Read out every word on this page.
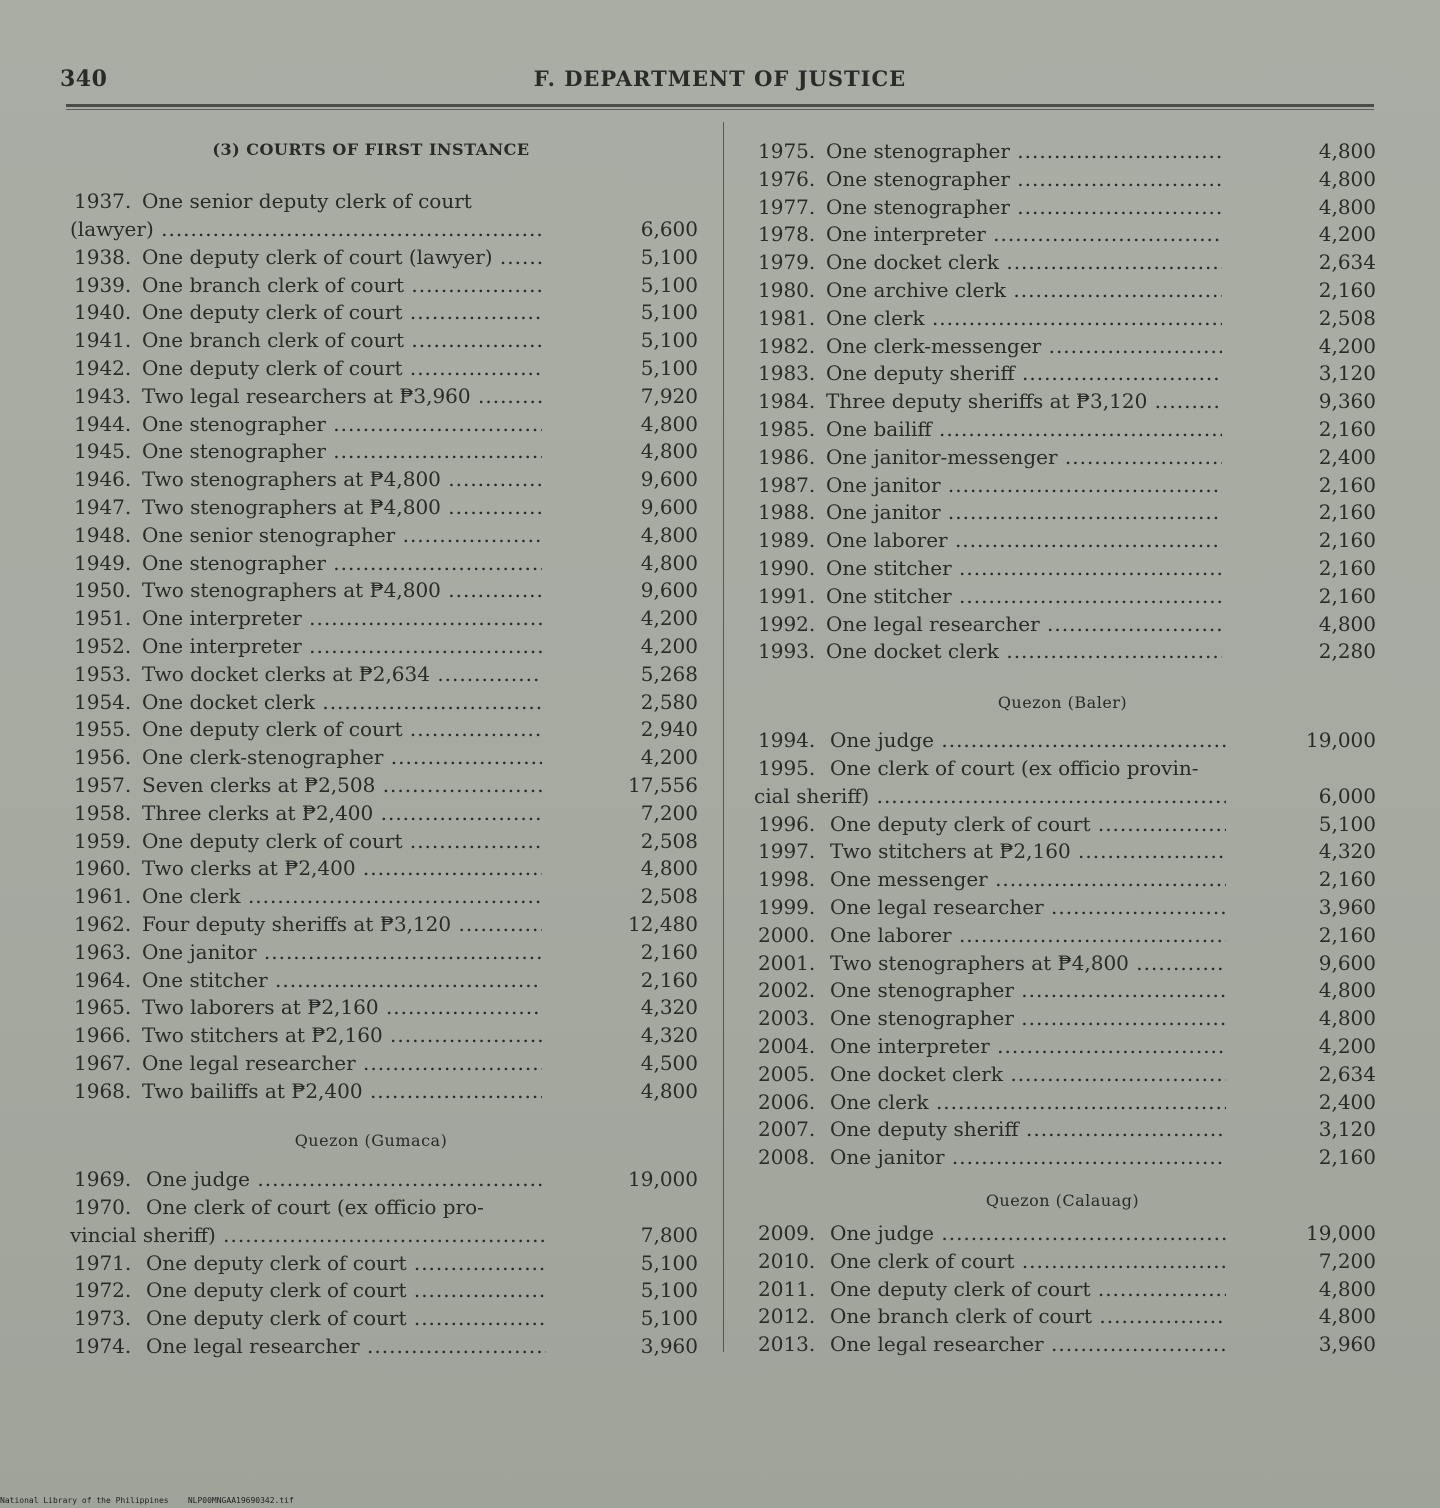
340	F. DEPARTMENT OF JUSTICE
(3) COURTS OF FIRST INSTANCE
1937. One senior deputy clerk of court
(lawyer) .....	6,600
1938. One deputy clerk of court (lawyer) .....	5,100
1939. One branch clerk of court .....	5,100
1940. One deputy clerk of court .....	5,100
1941. One branch clerk of court .....	5,100
1942. One deputy clerk of court .....	5,100
1943. Two legal researchers at ₱3,960 .....	7,920
1944. One stenographer .....	4,800
1945. One stenographer .....	4,800
1946. Two stenographers at ₱4,800 .....	9,600
1947. Two stenographers at ₱4,800 .....	9,600
1948. One senior stenographer .....	4,800
1949. One stenographer .....	4,800
1950. Two stenographers at ₱4,800 .....	9,600
1951. One interpreter .....	4,200
1952. One interpreter .....	4,200
1953. Two docket clerks at ₱2,634 .....	5,268
1954. One docket clerk .....	2,580
1955. One deputy clerk of court .....	2,940
1956. One clerk-stenographer .....	4,200
1957. Seven clerks at ₱2,508 .....	17,556
1958. Three clerks at ₱2,400 .....	7,200
1959. One deputy clerk of court .....	2,508
1960. Two clerks at ₱2,400 .....	4,800
1961. One clerk .....	2,508
1962. Four deputy sheriffs at ₱3,120 .....	12,480
1963. One janitor .....	2,160
1964. One stitcher .....	2,160
1965. Two laborers at ₱2,160 .....	4,320
1966. Two stitchers at ₱2,160 .....	4,320
1967. One legal researcher .....	4,500
1968. Two bailiffs at ₱2,400 .....	4,800
Quezon (Gumaca)
1969. One judge .....	19,000
1970. One clerk of court (ex officio pro-
vincial sheriff) .....	7,800
1971. One deputy clerk of court .....	5,100
1972. One deputy clerk of court .....	5,100
1973. One deputy clerk of court .....	5,100
1974. One legal researcher .....	3,960
1975. One stenographer .....	4,800
1976. One stenographer .....	4,800
1977. One stenographer .....	4,800
1978. One interpreter .....	4,200
1979. One docket clerk .....	2,634
1980. One archive clerk .....	2,160
1981. One clerk .....	2,508
1982. One clerk-messenger .....	4,200
1983. One deputy sheriff .....	3,120
1984. Three deputy sheriffs at ₱3,120 .....	9,360
1985. One bailiff .....	2,160
1986. One janitor-messenger .....	2,400
1987. One janitor .....	2,160
1988. One janitor .....	2,160
1989. One laborer .....	2,160
1990. One stitcher .....	2,160
1991. One stitcher .....	2,160
1992. One legal researcher .....	4,800
1993. One docket clerk .....	2,280
Quezon (Baler)
1994. One judge .....	19,000
1995. One clerk of court (ex officio provin-
cial sheriff) .....	6,000
1996. One deputy clerk of court .....	5,100
1997. Two stitchers at ₱2,160 .....	4,320
1998. One messenger .....	2,160
1999. One legal researcher .....	3,960
2000. One laborer .....	2,160
2001. Two stenographers at ₱4,800 .....	9,600
2002. One stenographer .....	4,800
2003. One stenographer .....	4,800
2004. One interpreter .....	4,200
2005. One docket clerk .....	2,634
2006. One clerk .....	2,400
2007. One deputy sheriff .....	3,120
2008. One janitor .....	2,160
Quezon (Calauag)
2009. One judge .....	19,000
2010. One clerk of court .....	7,200
2011. One deputy clerk of court .....	4,800
2012. One branch clerk of court .....	4,800
2013. One legal researcher .....	3,960
National Library of the Philippines NLP00MNGAA19690342.tif
